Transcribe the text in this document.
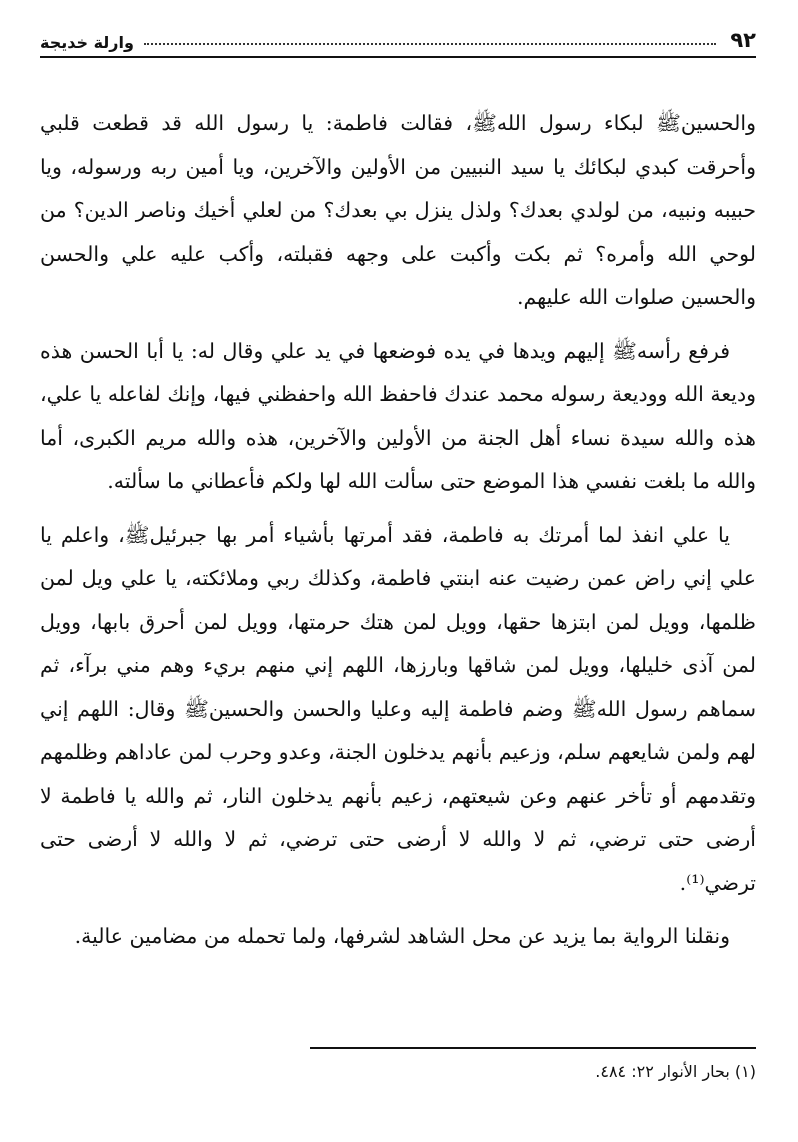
٩٢
وارلة خديجة

والحسينﷺ لبكاء رسول اللهﷺ، فقالت فاطمة: يا رسول الله قد قطعت قلبي وأحرقت كبدي لبكائك يا سيد النبيين من الأولين والآخرين، ويا أمين ربه ورسوله، ويا حبيبه ونبيه، من لولدي بعدك؟ ولذل ينزل بي بعدك؟ من لعلي أخيك وناصر الدين؟ من لوحي الله وأمره؟ ثم بكت وأكبت على وجهه فقبلته، وأكب عليه علي والحسن والحسين صلوات الله عليهم.

فرفع رأسهﷺ إليهم ويدها في يده فوضعها في يد علي وقال له: يا أبا الحسن هذه وديعة الله ووديعة رسوله محمد عندك فاحفظ الله واحفظني فيها، وإنك لفاعله يا علي، هذه والله سيدة نساء أهل الجنة من الأولين والآخرين، هذه والله مريم الكبرى، أما والله ما بلغت نفسي هذا الموضع حتى سألت الله لها ولكم فأعطاني ما سألته.

يا علي انفذ لما أمرتك به فاطمة، فقد أمرتها بأشياء أمر بها جبرئيلﷺ، واعلم يا علي إني راض عمن رضيت عنه ابنتي فاطمة، وكذلك ربي وملائكته، يا علي ويل لمن ظلمها، وويل لمن ابتزها حقها، وويل لمن هتك حرمتها، وويل لمن أحرق بابها، وويل لمن آذى خليلها، وويل لمن شاقها وبارزها، اللهم إني منهم بريء وهم مني برآء، ثم سماهم رسول اللهﷺ وضم فاطمة إليه وعليا والحسن والحسينﷺ وقال: اللهم إني لهم ولمن شايعهم سلم، وزعيم بأنهم يدخلون الجنة، وعدو وحرب لمن عاداهم وظلمهم وتقدمهم أو تأخر عنهم وعن شيعتهم، زعيم بأنهم يدخلون النار، ثم والله يا فاطمة لا أرضى حتى ترضي، ثم لا والله لا أرضى حتى ترضي، ثم لا والله لا أرضى حتى ترضي⁽¹⁾.

ونقلنا الرواية بما يزيد عن محل الشاهد لشرفها، ولما تحمله من مضامين عالية.

(١) بحار الأنوار ٢٢: ٤٨٤.
